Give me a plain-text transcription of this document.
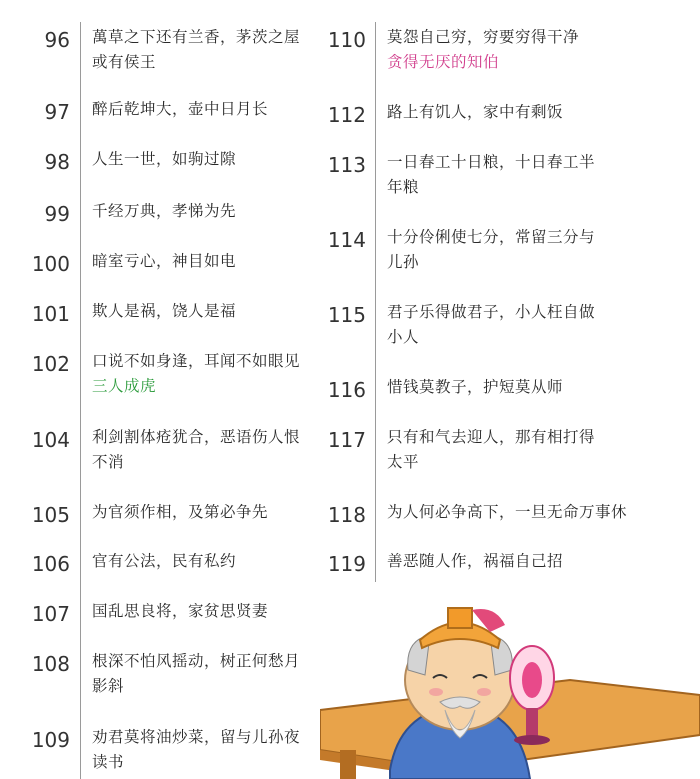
96 萬草之下还有兰香，茅茨之屋
或有侯王
97 醉后乾坤大，壶中日月长
98 人生一世，如驹过隙
99 千经万典，孝悌为先
100 暗室亏心，神目如电
101 欺人是祸，饶人是福
102 口说不如身逢，耳闻不如眼见
三人成虎
104 利剑割体疮犹合，恶语伤人恨
不消
105 为官须作相，及第必争先
106 官有公法，民有私约
107 国乱思良将，家贫思贤妻
108 根深不怕风摇动，树正何愁月
影斜
109 劝君莫将油炒菜，留与儿孙夜
读书
110 莫怨自己穷，穷要穷得干净
贪得无厌的知伯
112 路上有饥人，家中有剩饭
113 一日春工十日粮，十日春工半
年粮
114 十分伶俐使七分，常留三分与
儿孙
115 君子乐得做君子，小人枉自做
小人
116 惜钱莫教子，护短莫从师
117 只有和气去迎人，那有相打得
太平
118 为人何必争高下，一旦无命万事休
119 善恶随人作，祸福自己招
